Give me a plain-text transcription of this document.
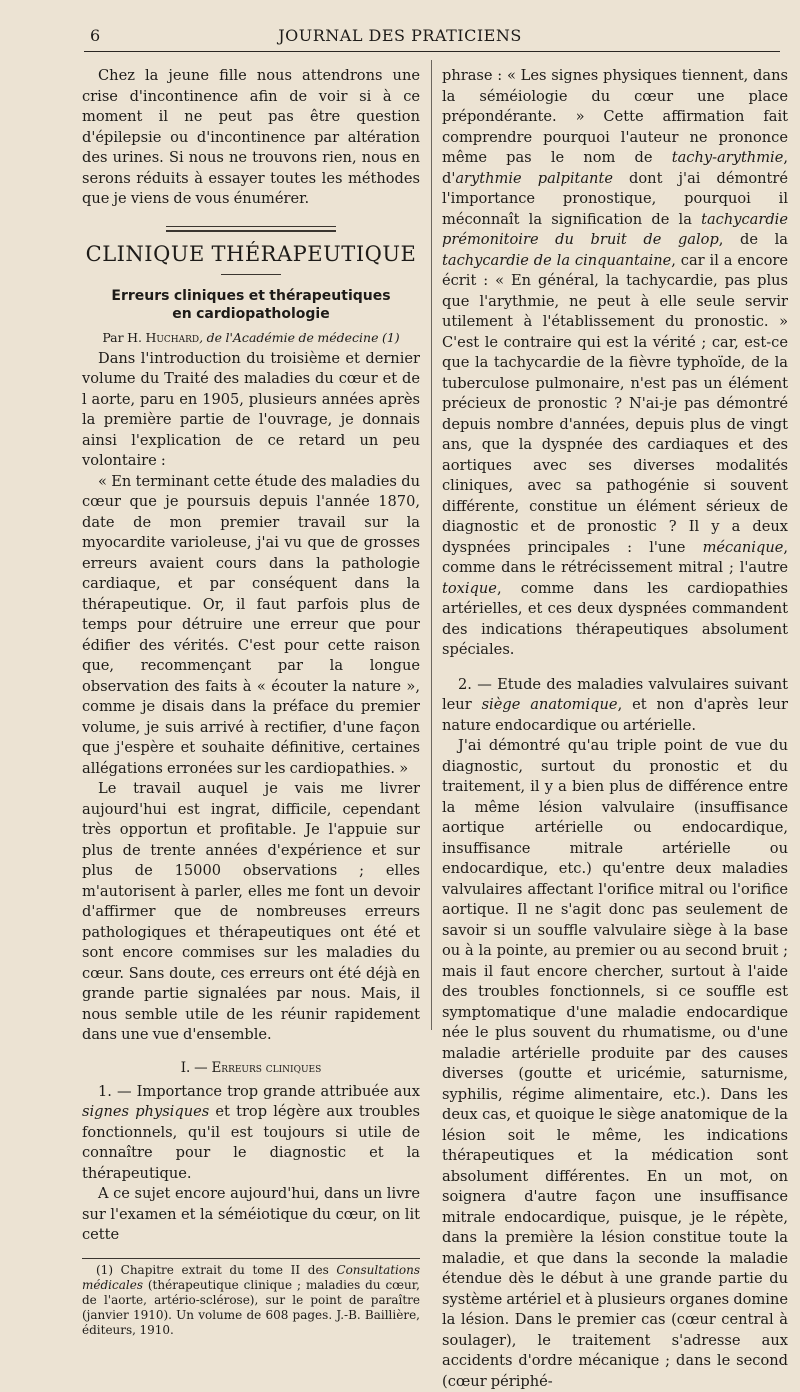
6	JOURNAL DES PRATICIENS

Chez la jeune fille nous attendrons une crise d'incontinence afin de voir si à ce moment il ne peut pas être question d'épilepsie ou d'incontinence par altération des urines. Si nous ne trouvons rien, nous en serons réduits à essayer toutes les méthodes que je viens de vous énumérer.

CLINIQUE THÉRAPEUTIQUE
Erreurs cliniques et thérapeutiques
en cardiopathologie
Par H. Huchard, de l'Académie de médecine (1)

Dans l'introduction du troisième et dernier volume du Traité des maladies du cœur et de l aorte, paru en 1905, plusieurs années après la première partie de l'ouvrage, je donnais ainsi l'explication de ce retard un peu volontaire :

« En terminant cette étude des maladies du cœur que je poursuis depuis l'année 1870, date de mon premier travail sur la myocardite varioleuse, j'ai vu que de grosses erreurs avaient cours dans la pathologie cardiaque, et par conséquent dans la thérapeutique. Or, il faut parfois plus de temps pour détruire une erreur que pour édifier des vérités. C'est pour cette raison que, recommençant par la longue observation des faits à « écouter la nature », comme je disais dans la préface du premier volume, je suis arrivé à rectifier, d'une façon que j'espère et souhaite définitive, certaines allégations erronées sur les cardiopathies. »

Le travail auquel je vais me livrer aujourd'hui est ingrat, difficile, cependant très opportun et profitable. Je l'appuie sur plus de trente années d'expérience et sur plus de 15000 observations ; elles m'autorisent à parler, elles me font un devoir d'affirmer que de nombreuses erreurs pathologiques et thérapeutiques ont été et sont encore commises sur les maladies du cœur. Sans doute, ces erreurs ont été déjà en grande partie signalées par nous. Mais, il nous semble utile de les réunir rapidement dans une vue d'ensemble.

I. — Erreurs cliniques

1. — Importance trop grande attribuée aux signes physiques et trop légère aux troubles fonctionnels, qu'il est toujours si utile de connaître pour le diagnostic et la thérapeutique.

A ce sujet encore aujourd'hui, dans un livre sur l'examen et la séméiotique du cœur, on lit cette

(1) Chapitre extrait du tome II des Consultations médicales (thérapeutique clinique ; maladies du cœur, de l'aorte, artério-sclérose), sur le point de paraître (janvier 1910). Un volume de 608 pages. J.-B. Baillière, éditeurs, 1910.

phrase : « Les signes physiques tiennent, dans la séméiologie du cœur une place prépondérante. » Cette affirmation fait comprendre pourquoi l'auteur ne prononce même pas le nom de tachy-arythmie, d'arythmie palpitante dont j'ai démontré l'importance pronostique, pourquoi il méconnaît la signification de la tachycardie prémonitoire du bruit de galop, de la tachycardie de la cinquantaine, car il a encore écrit : « En général, la tachycardie, pas plus que l'arythmie, ne peut à elle seule servir utilement à l'établissement du pronostic. » C'est le contraire qui est la vérité ; car, est-ce que la tachycardie de la fièvre typhoïde, de la tuberculose pulmonaire, n'est pas un élément précieux de pronostic ? N'ai-je pas démontré depuis nombre d'années, depuis plus de vingt ans, que la dyspnée des cardiaques et des aortiques avec ses diverses modalités cliniques, avec sa pathogénie si souvent différente, constitue un élément sérieux de diagnostic et de pronostic ? Il y a deux dyspnées principales : l'une mécanique, comme dans le rétrécissement mitral ; l'autre toxique, comme dans les cardiopathies artérielles, et ces deux dyspnées commandent des indications thérapeutiques absolument spéciales.

2. — Etude des maladies valvulaires suivant leur siège anatomique, et non d'après leur nature endocardique ou artérielle.

J'ai démontré qu'au triple point de vue du diagnostic, surtout du pronostic et du traitement, il y a bien plus de différence entre la même lésion valvulaire (insuffisance aortique artérielle ou endocardique, insuffisance mitrale artérielle ou endocardique, etc.) qu'entre deux maladies valvulaires affectant l'orifice mitral ou l'orifice aortique. Il ne s'agit donc pas seulement de savoir si un souffle valvulaire siège à la base ou à la pointe, au premier ou au second bruit ; mais il faut encore chercher, surtout à l'aide des troubles fonctionnels, si ce souffle est symptomatique d'une maladie endocardique née le plus souvent du rhumatisme, ou d'une maladie artérielle produite par des causes diverses (goutte et uricémie, saturnisme, syphilis, régime alimentaire, etc.). Dans les deux cas, et quoique le siège anatomique de la lésion soit le même, les indications thérapeutiques et la médication sont absolument différentes. En un mot, on soignera d'autre façon une insuffisance mitrale endocardique, puisque, je le répète, dans la première la lésion constitue toute la maladie, et que dans la seconde la maladie étendue dès le début à une grande partie du système artériel et à plusieurs organes domine la lésion. Dans le premier cas (cœur central à soulager), le traitement s'adresse aux accidents d'ordre mécanique ; dans le second (cœur périphé-
